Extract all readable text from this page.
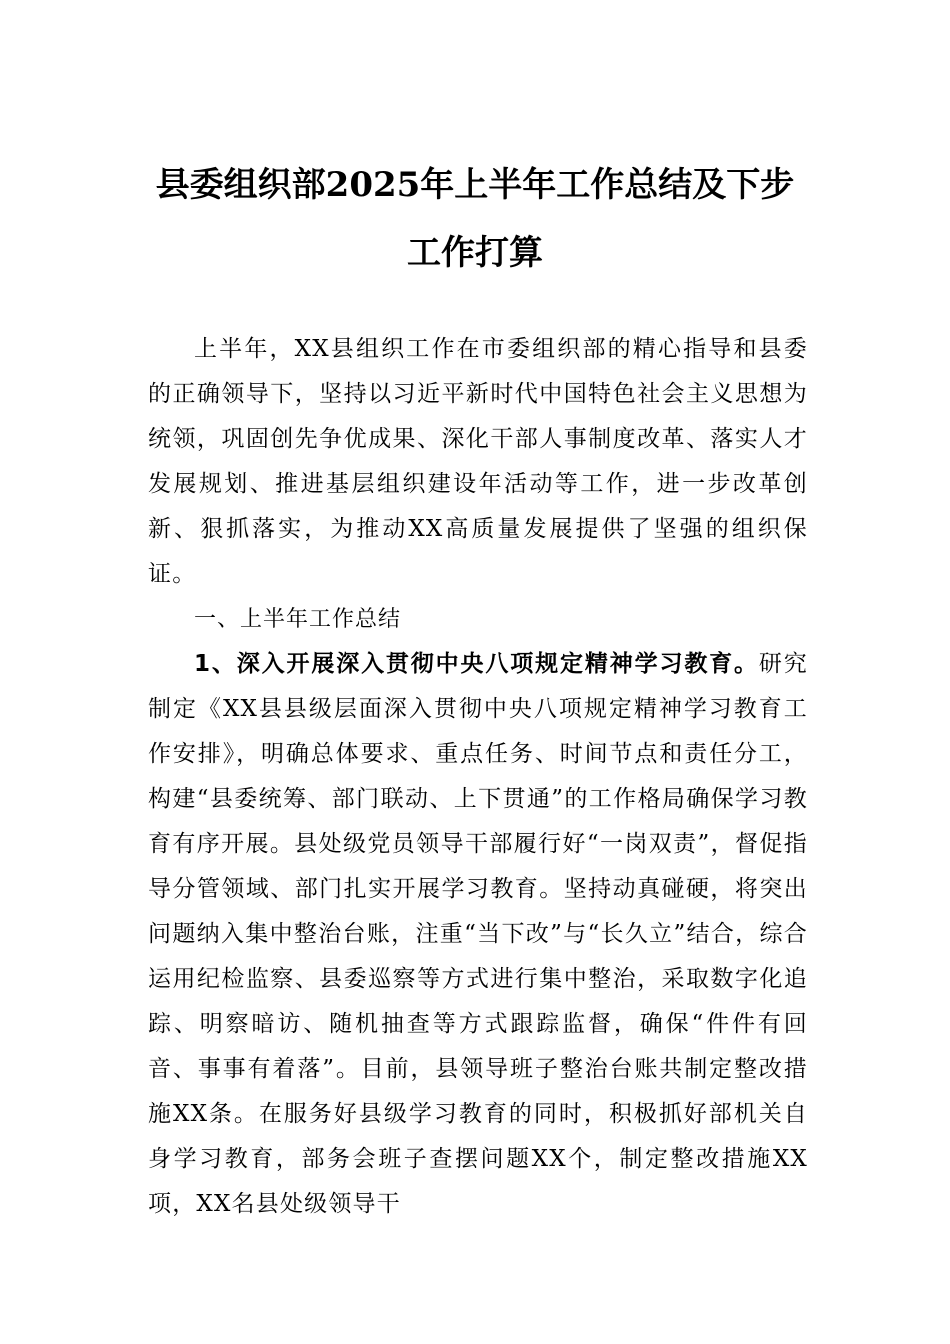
县委组织部2025年上半年工作总结及下步
工作打算
上半年，XX县组织工作在市委组织部的精心指导和县委的正确领导下，坚持以习近平新时代中国特色社会主义思想为统领，巩固创先争优成果、深化干部人事制度改革、落实人才发展规划、推进基层组织建设年活动等工作，进一步改革创新、狠抓落实，为推动XX高质量发展提供了坚强的组织保证。
一、上半年工作总结
1、深入开展深入贯彻中央八项规定精神学习教育。研究制定《XX县县级层面深入贯彻中央八项规定精神学习教育工作安排》，明确总体要求、重点任务、时间节点和责任分工，构建“县委统筹、部门联动、上下贯通”的工作格局确保学习教育有序开展。县处级党员领导干部履行好“一岗双责”，督促指导分管领域、部门扎实开展学习教育。坚持动真碰硬，将突出问题纳入集中整治台账，注重“当下改”与“长久立”结合，综合运用纪检监察、县委巡察等方式进行集中整治，采取数字化追踪、明察暗访、随机抽查等方式跟踪监督，确保“件件有回音、事事有着落”。目前，县领导班子整治台账共制定整改措施XX条。在服务好县级学习教育的同时，积极抓好部机关自身学习教育，部务会班子查摆问题XX个，制定整改措施XX项，XX名县处级领导干
